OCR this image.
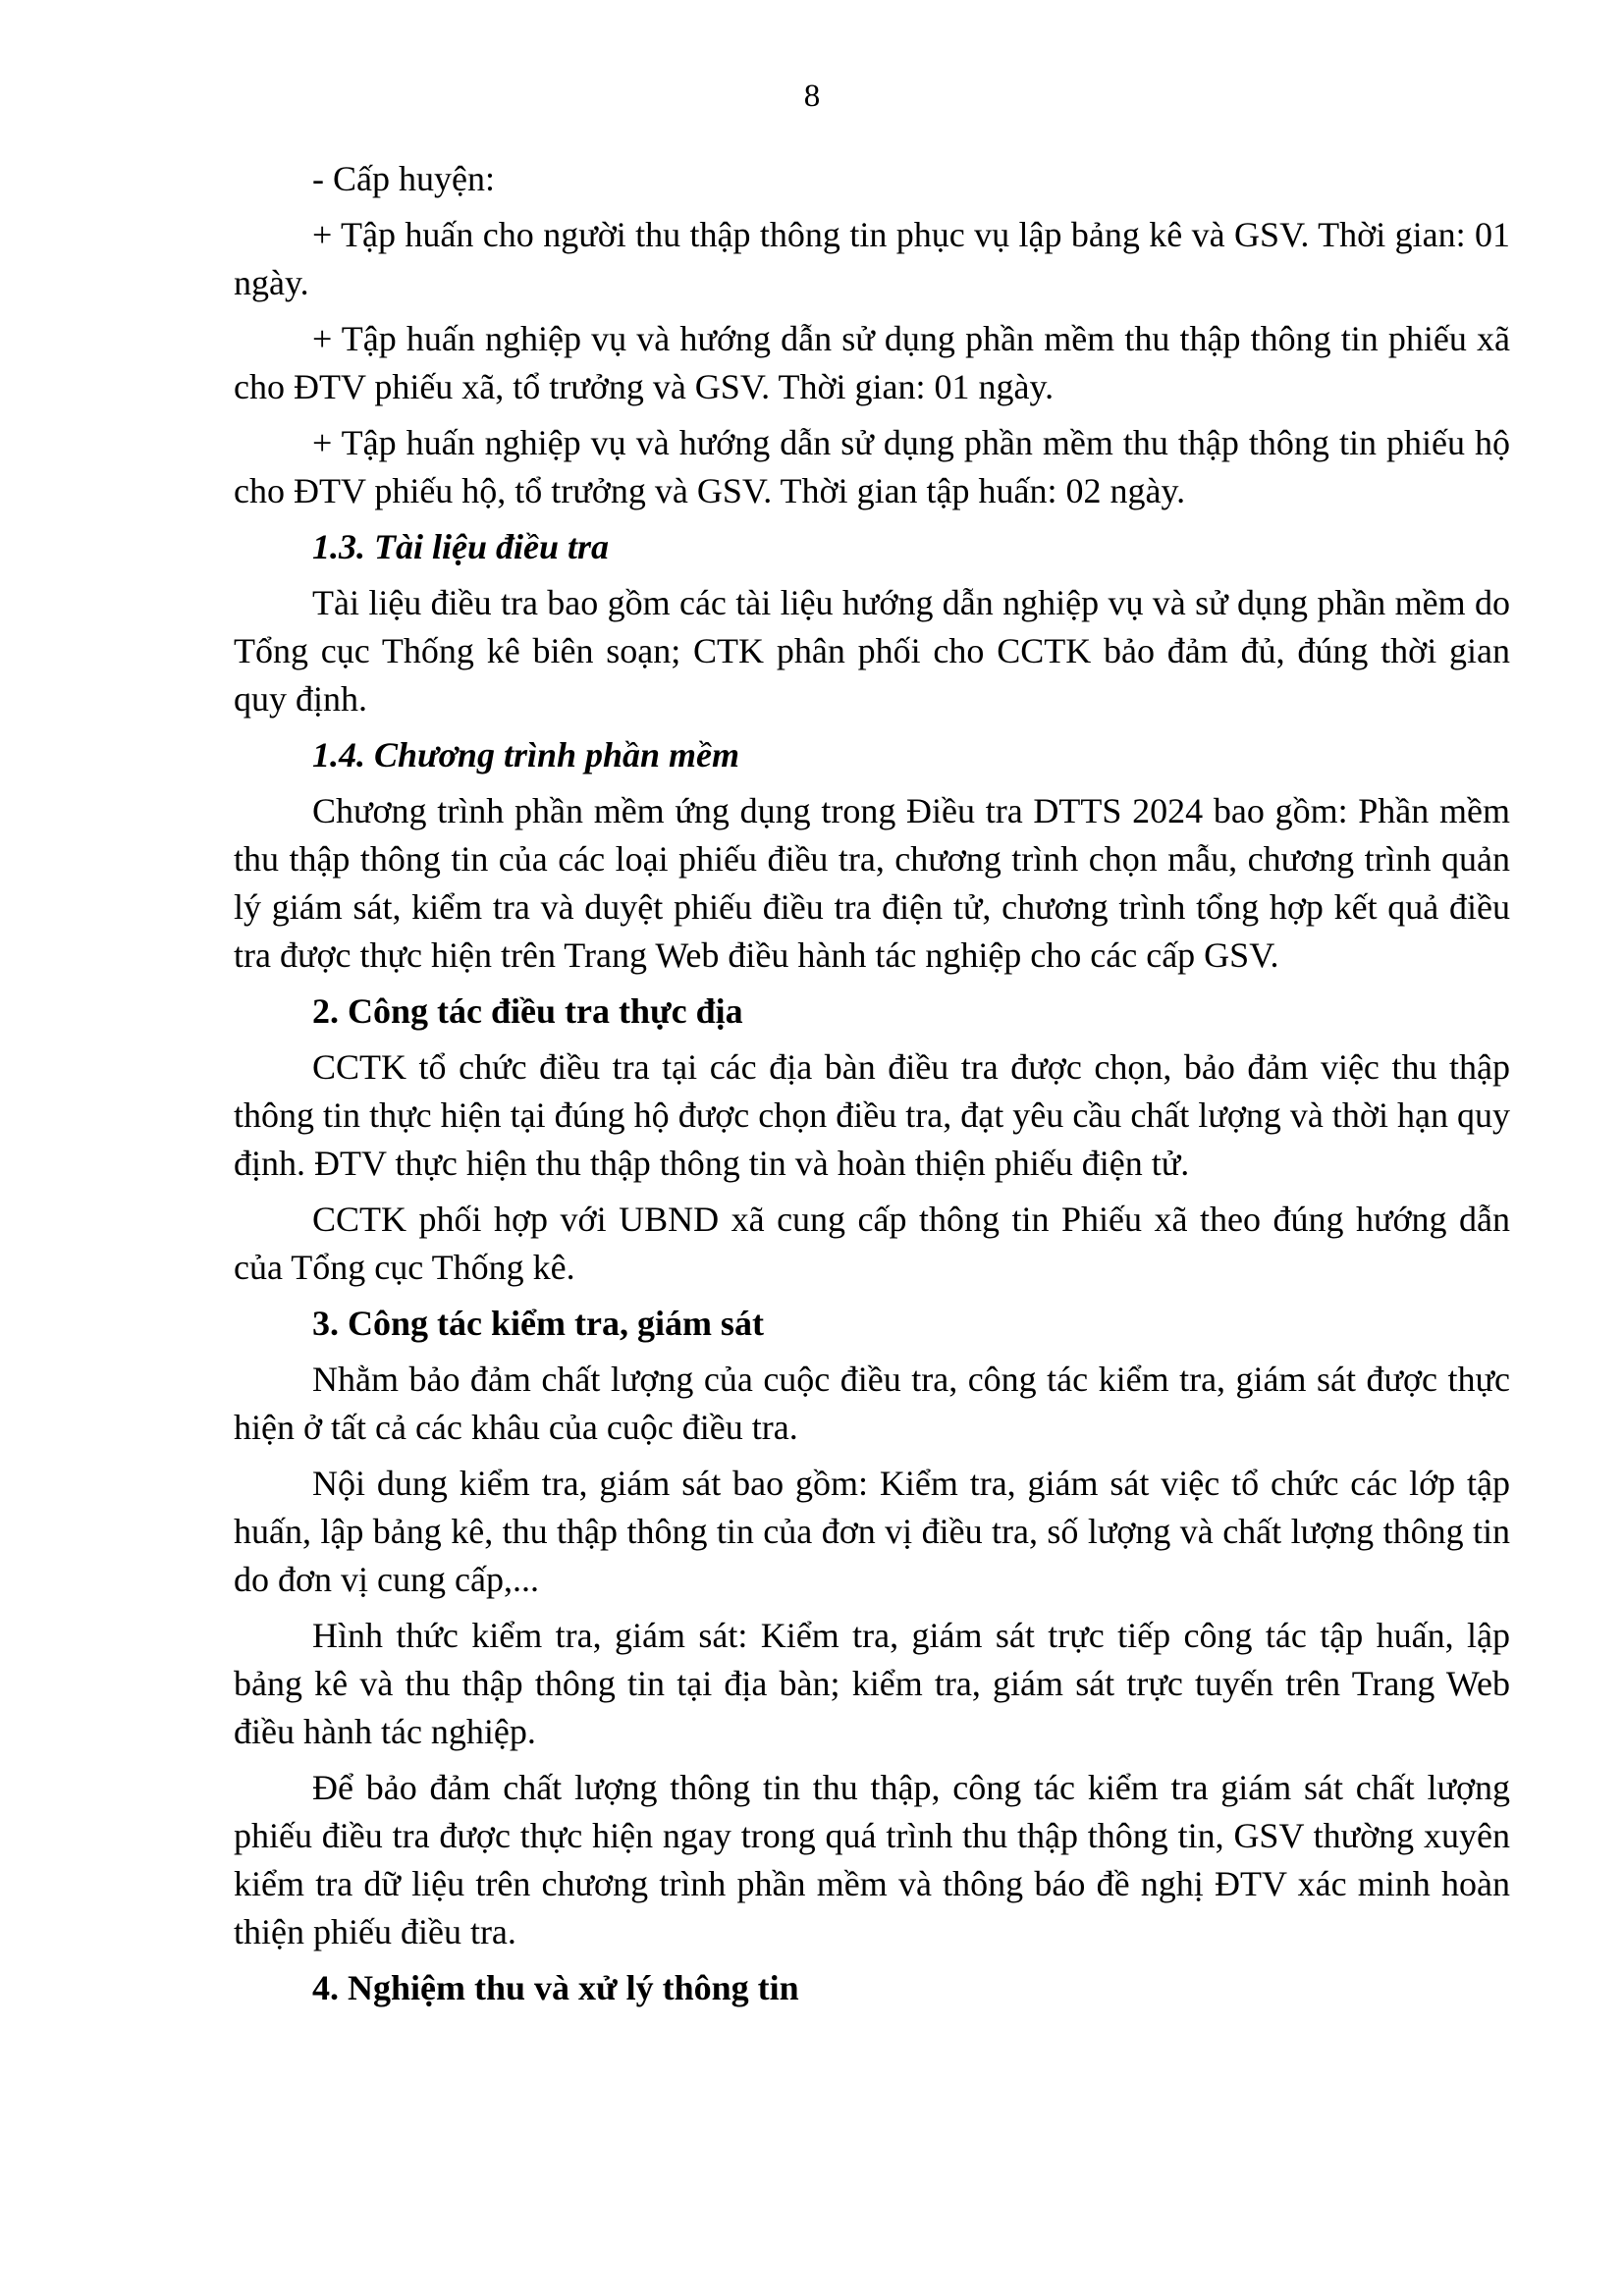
8

- Cấp huyện:

+ Tập huấn cho người thu thập thông tin phục vụ lập bảng kê và GSV. Thời gian: 01 ngày.

+ Tập huấn nghiệp vụ và hướng dẫn sử dụng phần mềm thu thập thông tin phiếu xã cho ĐTV phiếu xã, tổ trưởng và GSV. Thời gian: 01 ngày.

+ Tập huấn nghiệp vụ và hướng dẫn sử dụng phần mềm thu thập thông tin phiếu hộ cho ĐTV phiếu hộ, tổ trưởng và GSV. Thời gian tập huấn: 02 ngày.

1.3. Tài liệu điều tra

Tài liệu điều tra bao gồm các tài liệu hướng dẫn nghiệp vụ và sử dụng phần mềm do Tổng cục Thống kê biên soạn; CTK phân phối cho CCTK bảo đảm đủ, đúng thời gian quy định.

1.4. Chương trình phần mềm

Chương trình phần mềm ứng dụng trong Điều tra DTTS 2024 bao gồm: Phần mềm thu thập thông tin của các loại phiếu điều tra, chương trình chọn mẫu, chương trình quản lý giám sát, kiểm tra và duyệt phiếu điều tra điện tử, chương trình tổng hợp kết quả điều tra được thực hiện trên Trang Web điều hành tác nghiệp cho các cấp GSV.

2. Công tác điều tra thực địa

CCTK tổ chức điều tra tại các địa bàn điều tra được chọn, bảo đảm việc thu thập thông tin thực hiện tại đúng hộ được chọn điều tra, đạt yêu cầu chất lượng và thời hạn quy định. ĐTV thực hiện thu thập thông tin và hoàn thiện phiếu điện tử.

CCTK phối hợp với UBND xã cung cấp thông tin Phiếu xã theo đúng hướng dẫn của Tổng cục Thống kê.

3. Công tác kiểm tra, giám sát

Nhằm bảo đảm chất lượng của cuộc điều tra, công tác kiểm tra, giám sát được thực hiện ở tất cả các khâu của cuộc điều tra.

Nội dung kiểm tra, giám sát bao gồm: Kiểm tra, giám sát việc tổ chức các lớp tập huấn, lập bảng kê, thu thập thông tin của đơn vị điều tra, số lượng và chất lượng thông tin do đơn vị cung cấp,...

Hình thức kiểm tra, giám sát: Kiểm tra, giám sát trực tiếp công tác tập huấn, lập bảng kê và thu thập thông tin tại địa bàn; kiểm tra, giám sát trực tuyến trên Trang Web điều hành tác nghiệp.

Để bảo đảm chất lượng thông tin thu thập, công tác kiểm tra giám sát chất lượng phiếu điều tra được thực hiện ngay trong quá trình thu thập thông tin, GSV thường xuyên kiểm tra dữ liệu trên chương trình phần mềm và thông báo đề nghị ĐTV xác minh hoàn thiện phiếu điều tra.

4. Nghiệm thu và xử lý thông tin
